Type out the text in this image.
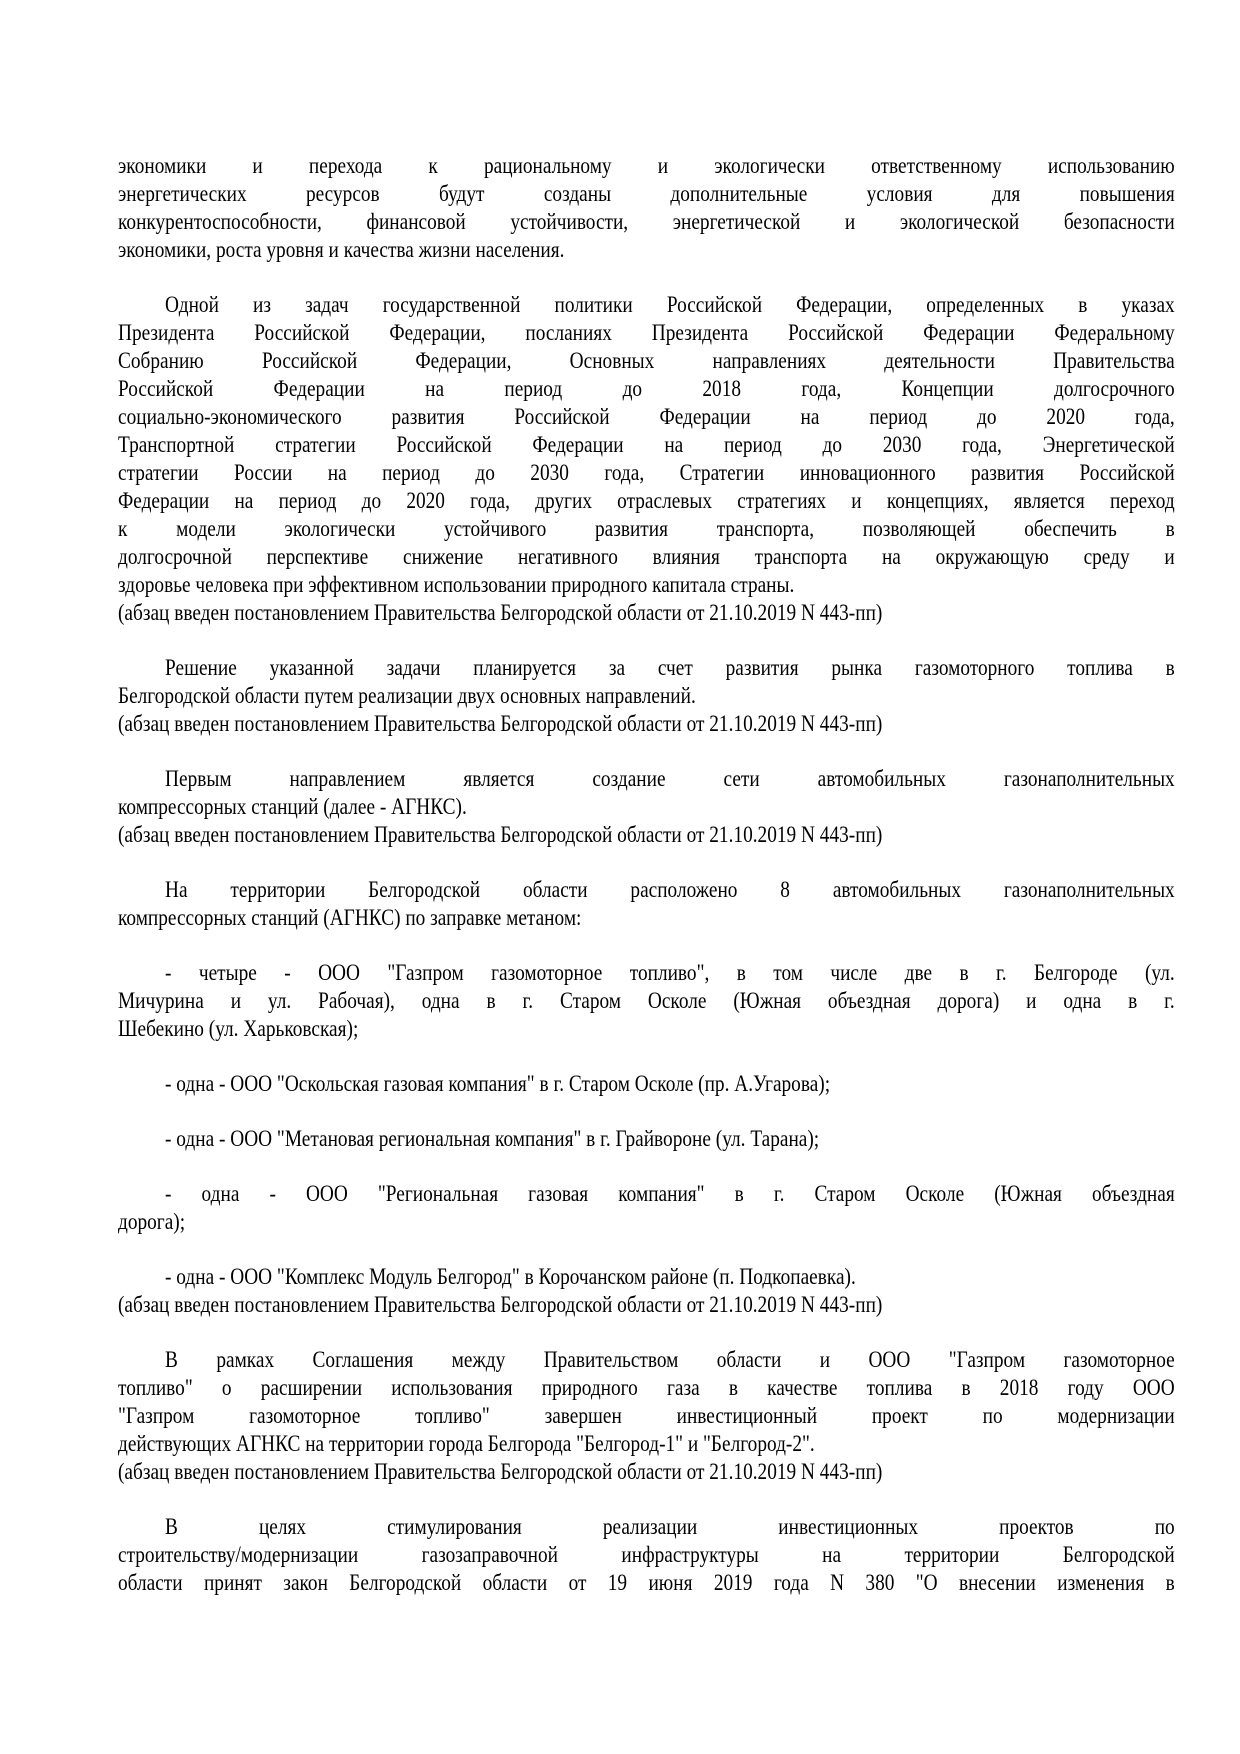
экономики и перехода к рациональному и экологически ответственному использованию
энергетических ресурсов будут созданы дополнительные условия для повышения
конкурентоспособности, финансовой устойчивости, энергетической и экологической безопасности
экономики, роста уровня и качества жизни населения.
Одной из задач государственной политики Российской Федерации, определенных в указах
Президента Российской Федерации, посланиях Президента Российской Федерации Федеральному
Собранию Российской Федерации, Основных направлениях деятельности Правительства
Российской Федерации на период до 2018 года, Концепции долгосрочного
социально-экономического развития Российской Федерации на период до 2020 года,
Транспортной стратегии Российской Федерации на период до 2030 года, Энергетической
стратегии России на период до 2030 года, Стратегии инновационного развития Российской
Федерации на период до 2020 года, других отраслевых стратегиях и концепциях, является переход
к модели экологически устойчивого развития транспорта, позволяющей обеспечить в
долгосрочной перспективе снижение негативного влияния транспорта на окружающую среду и
здоровье человека при эффективном использовании природного капитала страны.
(абзац введен постановлением Правительства Белгородской области от 21.10.2019 N 443-пп)
Решение указанной задачи планируется за счет развития рынка газомоторного топлива в
Белгородской области путем реализации двух основных направлений.
(абзац введен постановлением Правительства Белгородской области от 21.10.2019 N 443-пп)
Первым направлением является создание сети автомобильных газонаполнительных
компрессорных станций (далее - АГНКС).
(абзац введен постановлением Правительства Белгородской области от 21.10.2019 N 443-пп)
На территории Белгородской области расположено 8 автомобильных газонаполнительных
компрессорных станций (АГНКС) по заправке метаном:
- четыре - ООО "Газпром газомоторное топливо", в том числе две в г. Белгороде (ул.
Мичурина и ул. Рабочая), одна в г. Старом Осколе (Южная объездная дорога) и одна в г.
Шебекино (ул. Харьковская);
- одна - ООО "Оскольская газовая компания" в г. Старом Осколе (пр. А.Угарова);
- одна - ООО "Метановая региональная компания" в г. Грайвороне (ул. Тарана);
- одна - ООО "Региональная газовая компания" в г. Старом Осколе (Южная объездная
дорога);
- одна - ООО "Комплекс Модуль Белгород" в Корочанском районе (п. Подкопаевка).
(абзац введен постановлением Правительства Белгородской области от 21.10.2019 N 443-пп)
В рамках Соглашения между Правительством области и ООО "Газпром газомоторное
топливо" о расширении использования природного газа в качестве топлива в 2018 году ООО
"Газпром газомоторное топливо" завершен инвестиционный проект по модернизации
действующих АГНКС на территории города Белгорода "Белгород-1" и "Белгород-2".
(абзац введен постановлением Правительства Белгородской области от 21.10.2019 N 443-пп)
В целях стимулирования реализации инвестиционных проектов по
строительству/модернизации газозаправочной инфраструктуры на территории Белгородской
области принят закон Белгородской области от 19 июня 2019 года N 380 "О внесении изменения в
